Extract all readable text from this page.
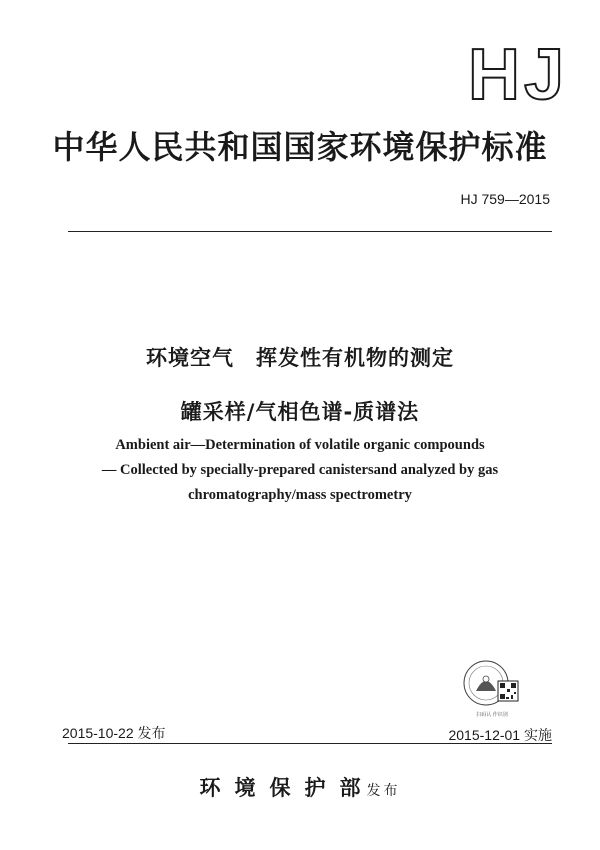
HJ
中华人民共和国国家环境保护标准
HJ 759—2015
环境空气　挥发性有机物的测定
罐采样/气相色谱-质谱法
Ambient air—Determination of volatile organic compounds
— Collected by specially-prepared canistersand analyzed by gas
chromatography/mass spectrometry
扫码认 作识别
2015-10-22 发布	2015-12-01 实施
环境保护部发布
